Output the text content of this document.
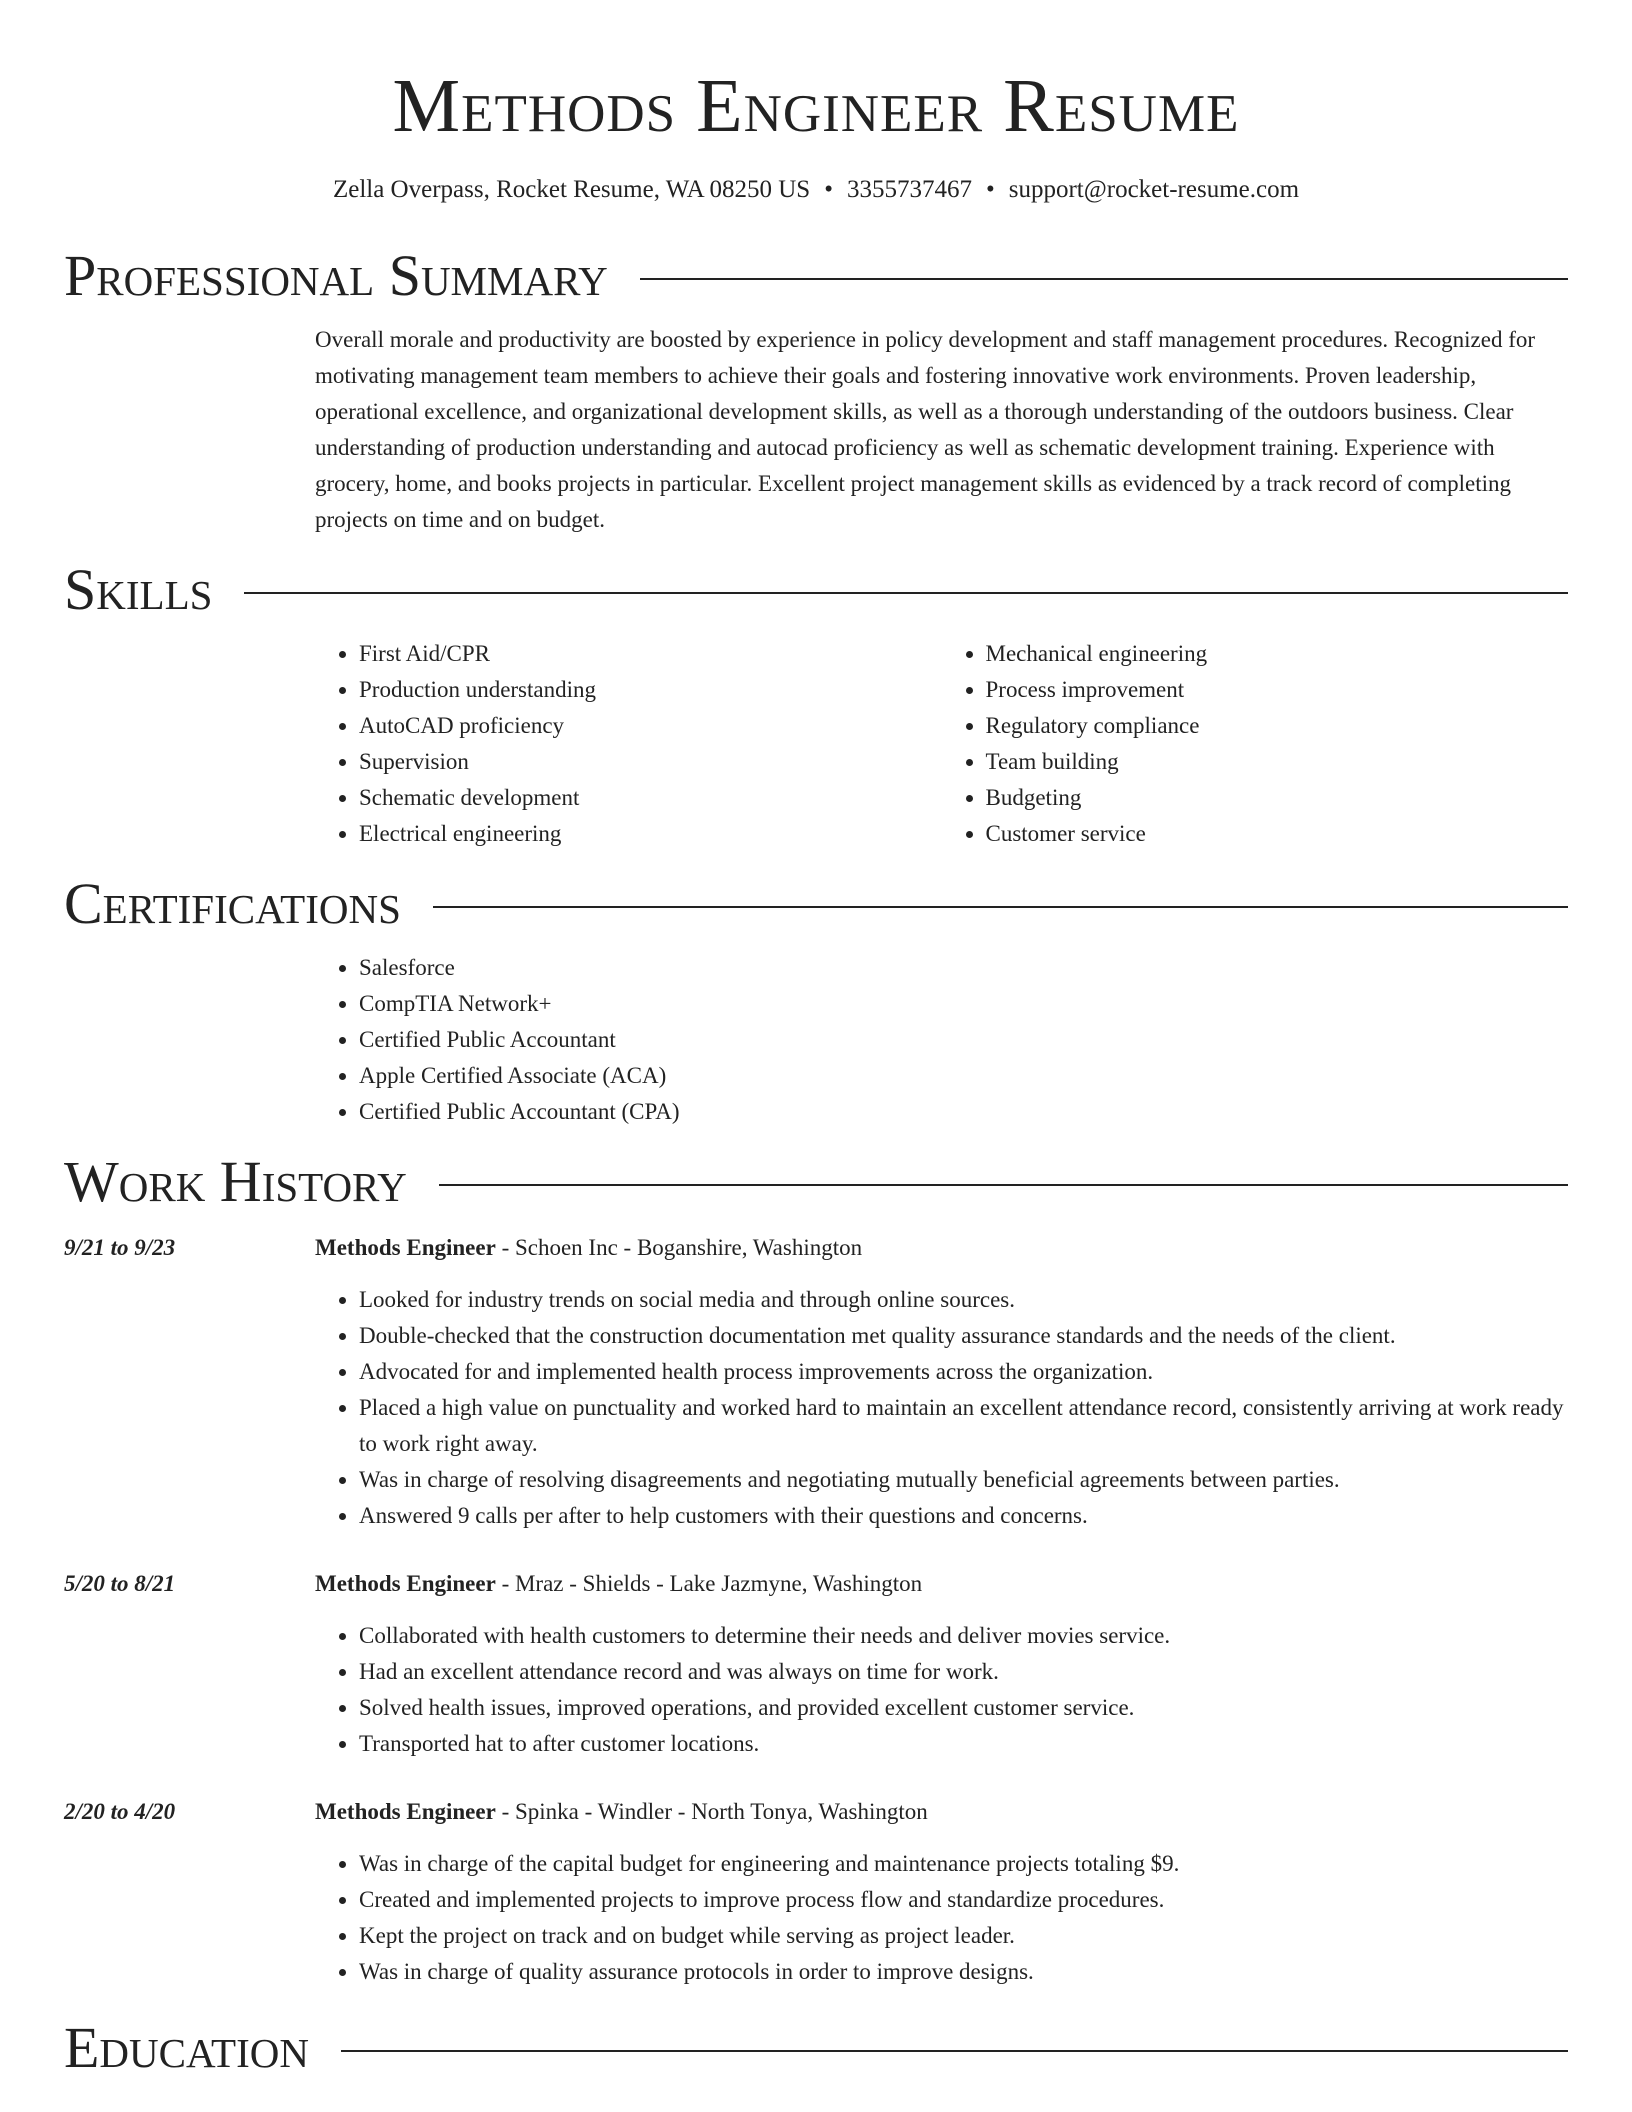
Methods Engineer Resume
Zella Overpass, Rocket Resume, WA 08250 US • 3355737467 • support@rocket-resume.com
Professional Summary

Overall morale and productivity are boosted by experience in policy development and staff management procedures. Recognized for motivating management team members to achieve their goals and fostering innovative work environments. Proven leadership, operational excellence, and organizational development skills, as well as a thorough understanding of the outdoors business. Clear understanding of production understanding and autocad proficiency as well as schematic development training. Experience with grocery, home, and books projects in particular. Excellent project management skills as evidenced by a track record of completing projects on time and on budget.

Skills
• First Aid/CPR
• Production understanding
• AutoCAD proficiency
• Supervision
• Schematic development
• Electrical engineering
• Mechanical engineering
• Process improvement
• Regulatory compliance
• Team building
• Budgeting
• Customer service
Certifications
• Salesforce
• CompTIA Network+
• Certified Public Accountant
• Apple Certified Associate (ACA)
• Certified Public Accountant (CPA)
Work History
9/21 to 9/23	Methods Engineer - Schoen Inc - Boganshire, Washington
• Looked for industry trends on social media and through online sources.
• Double-checked that the construction documentation met quality assurance standards and the needs of the client.
• Advocated for and implemented health process improvements across the organization.
• Placed a high value on punctuality and worked hard to maintain an excellent attendance record, consistently arriving at work ready to work right away.
• Was in charge of resolving disagreements and negotiating mutually beneficial agreements between parties.
• Answered 9 calls per after to help customers with their questions and concerns.
5/20 to 8/21	Methods Engineer - Mraz - Shields - Lake Jazmyne, Washington
• Collaborated with health customers to determine their needs and deliver movies service.
• Had an excellent attendance record and was always on time for work.
• Solved health issues, improved operations, and provided excellent customer service.
• Transported hat to after customer locations.
2/20 to 4/20	Methods Engineer - Spinka - Windler - North Tonya, Washington
• Was in charge of the capital budget for engineering and maintenance projects totaling $9.
• Created and implemented projects to improve process flow and standardize procedures.
• Kept the project on track and on budget while serving as project leader.
• Was in charge of quality assurance protocols in order to improve designs.
Education
